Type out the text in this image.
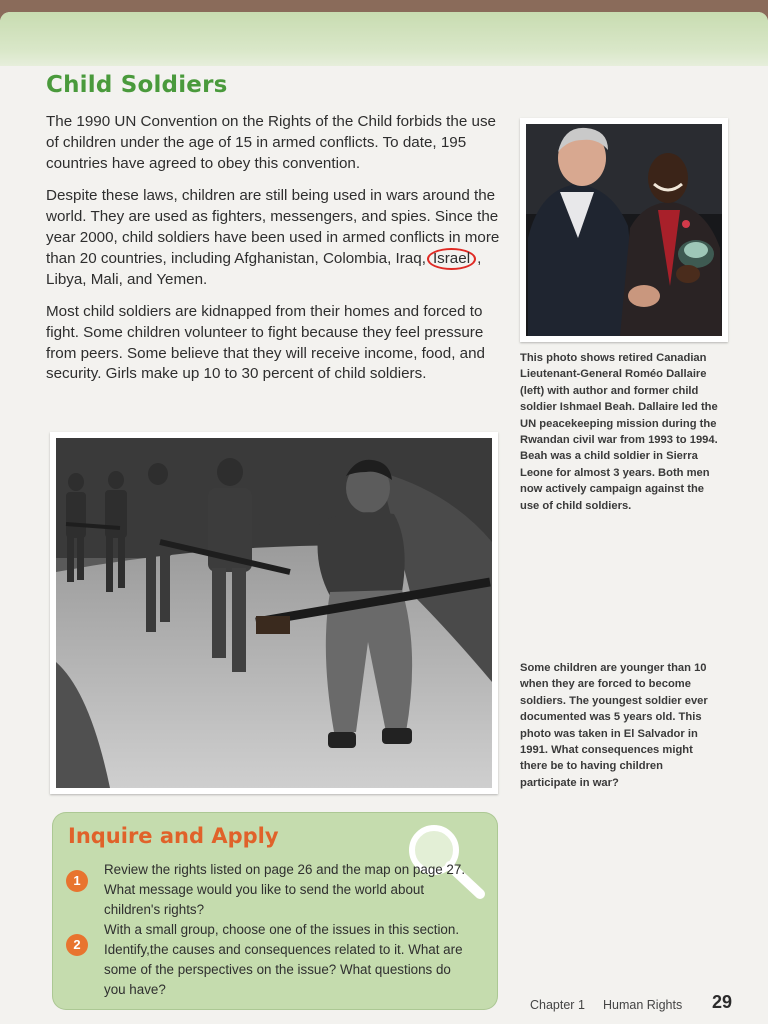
Child Soldiers

The 1990 UN Convention on the Rights of the Child forbids the use of children under the age of 15 in armed conflicts. To date, 195 countries have agreed to obey this convention.

Despite these laws, children are still being used in wars around the world. They are used as fighters, messengers, and spies. Since the year 2000, child soldiers have been used in armed conflicts in more than 20 countries, including Afghanistan, Colombia, Iraq, Israel , Libya, Mali, and Yemen.

Most child soldiers are kidnapped from their homes and forced to fight. Some children volunteer to fight because they feel pressure from peers. Some believe that they will receive income, food, and security. Girls make up 10 to 30 percent of child soldiers.

This photo shows retired Canadian Lieutenant-General Roméo Dallaire (left) with author and former child soldier Ishmael Beah. Dallaire led the UN peacekeeping mission during the Rwandan civil war from 1993 to 1994. Beah was a child soldier in Sierra Leone for almost 3 years. Both men now actively campaign against the use of child soldiers.

Some children are younger than 10 when they are forced to become soldiers. The youngest soldier ever documented was 5 years old. This photo was taken in El Salvador in 1991. What consequences might there be to having children participate in war?

Inquire and Apply
1

Review the rights listed on page 26 and the map on page 27. What message would you like to send the world about children's rights?

2

With a small group, choose one of the issues in this section. Identify,the causes and consequences related to it. What are some of the perspectives on the issue? What questions do you have?

Chapter 1 Human Rights 29
